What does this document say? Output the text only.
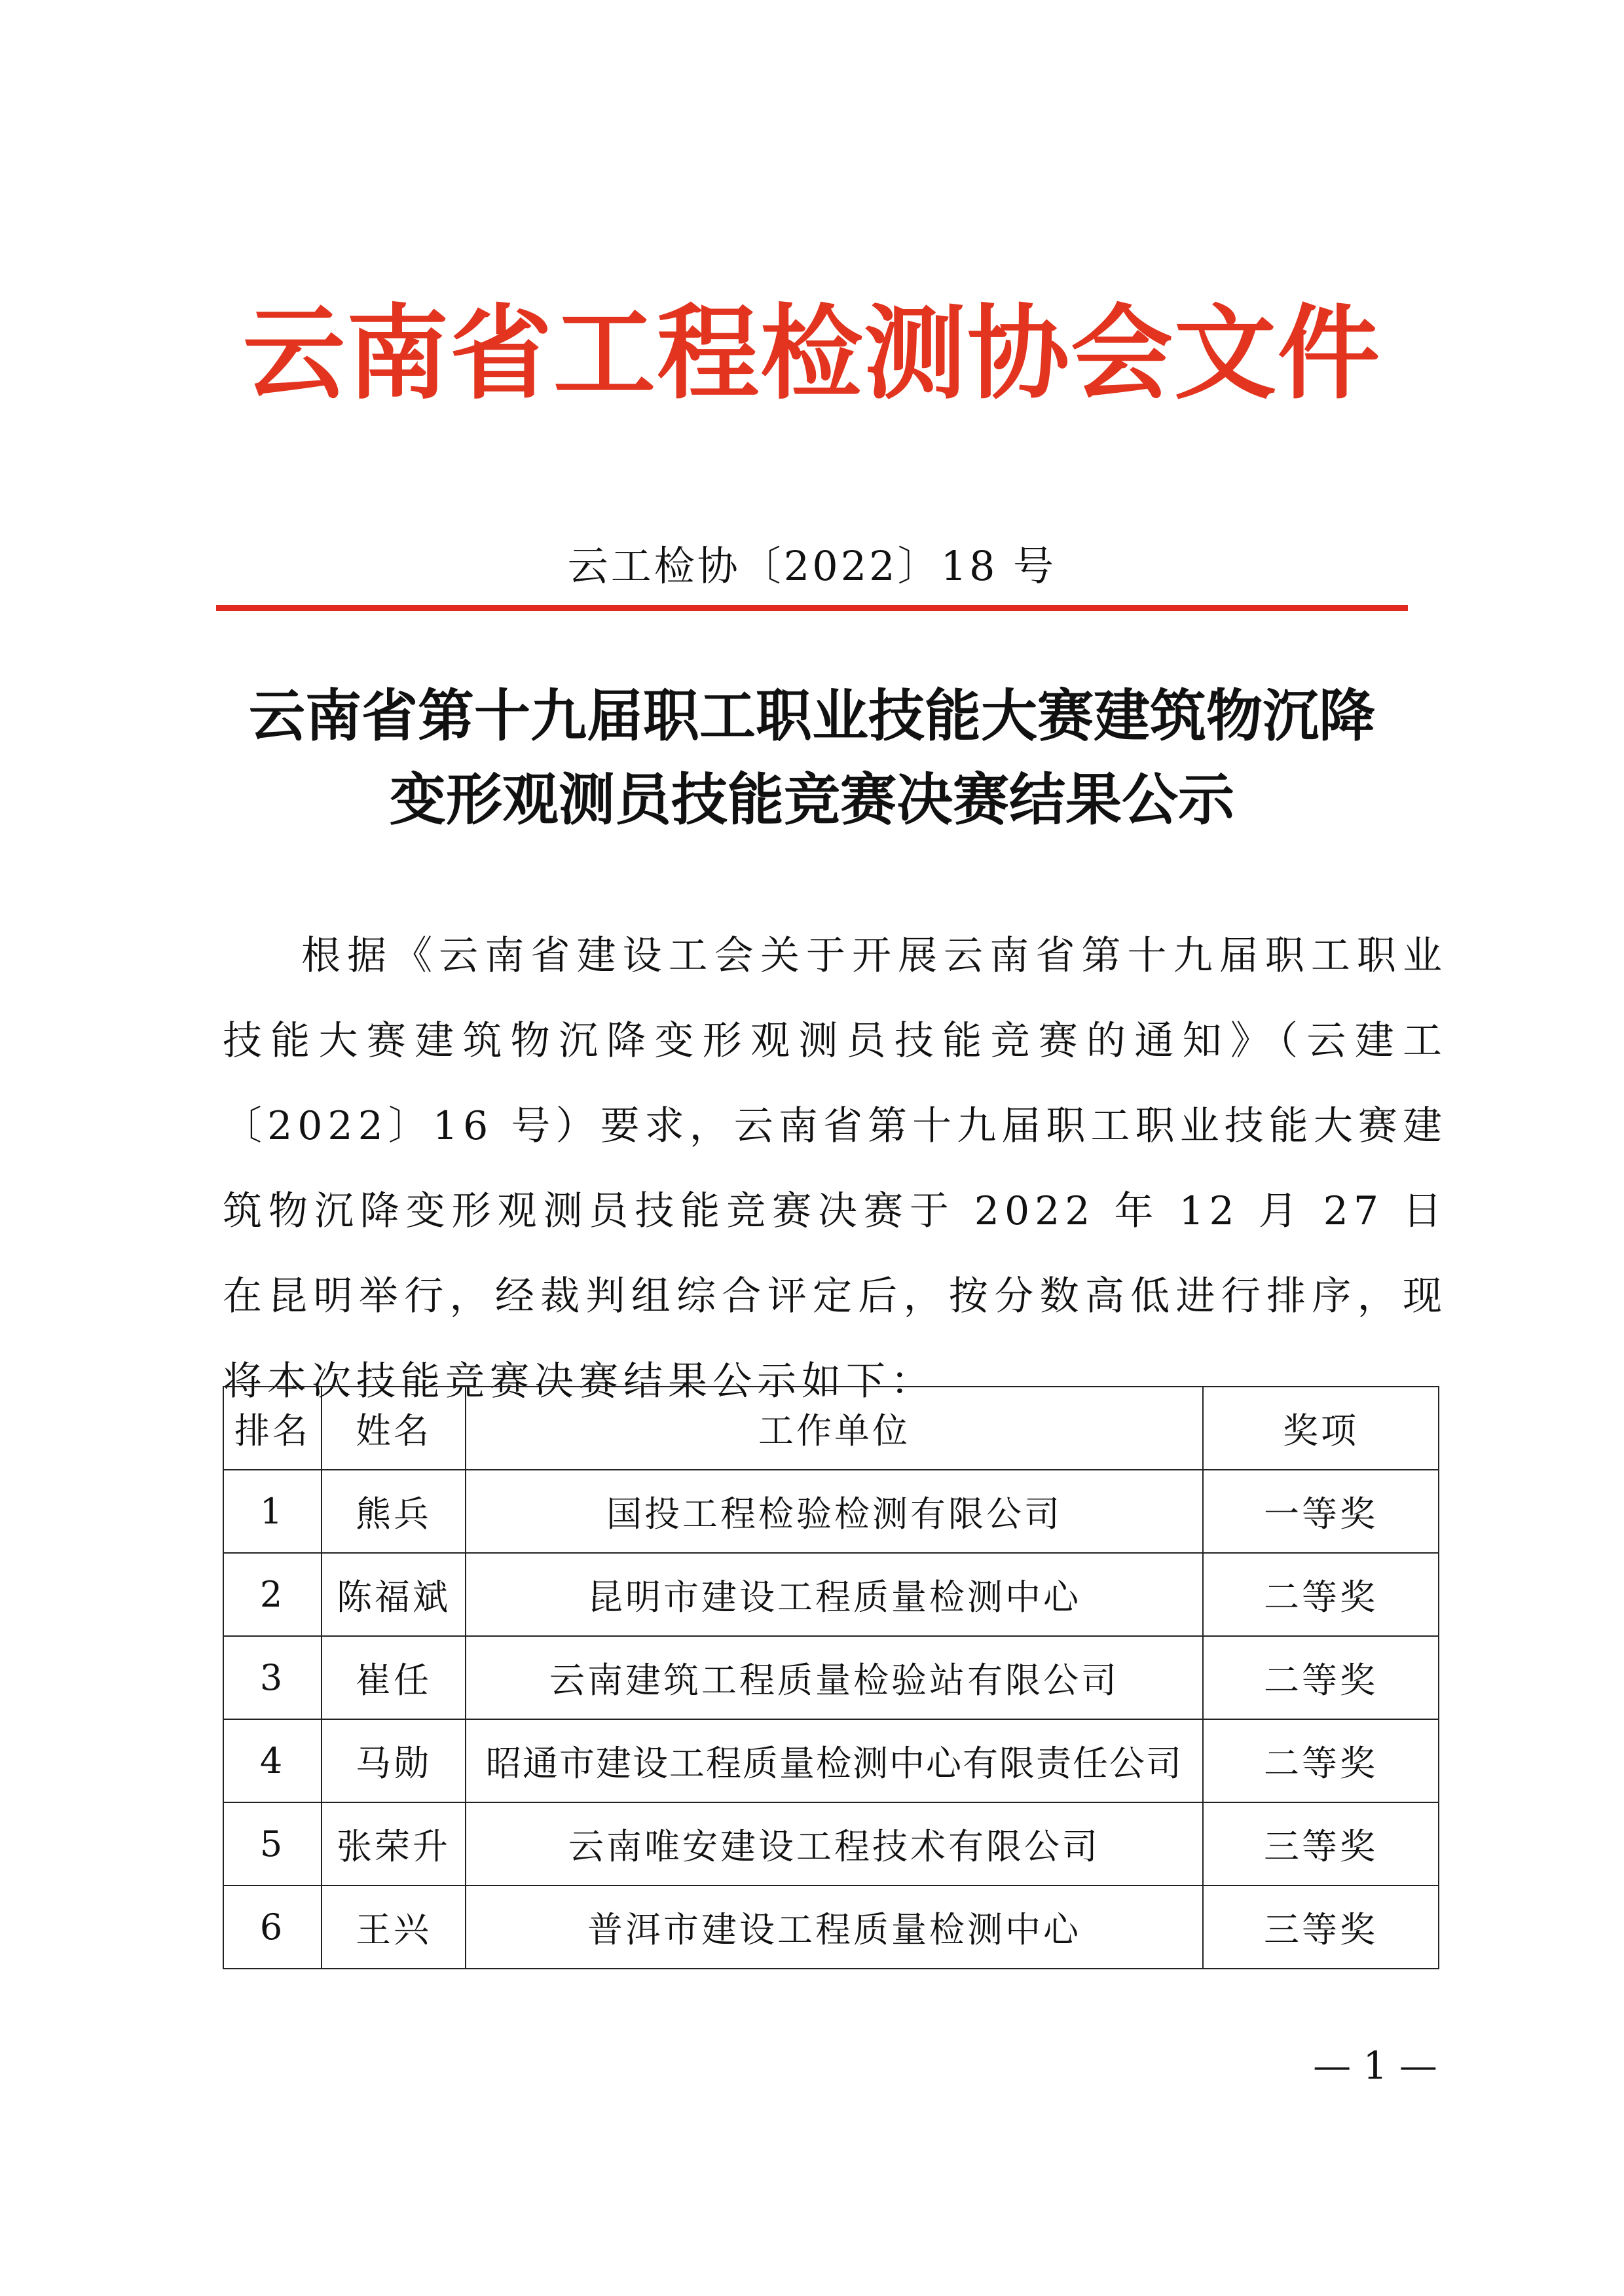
云南省工程检测协会文件
云工检协〔2022〕18 号
云南省第十九届职工职业技能大赛建筑物沉降
变形观测员技能竞赛决赛结果公示

根据《云南省建设工会关于开展云南省第十九届职工职业技能大赛建筑物沉降变形观测员技能竞赛的通知》（云建工〔2022〕16 号）要求，云南省第十九届职工职业技能大赛建筑物沉降变形观测员技能竞赛决赛于 2022 年 12 月 27 日在昆明举行，经裁判组综合评定后，按分数高低进行排序，现将本次技能竞赛决赛结果公示如下：

排名	姓名	工作单位	奖项
1	熊兵	国投工程检验检测有限公司	一等奖
2	陈福斌	昆明市建设工程质量检测中心	二等奖
3	崔任	云南建筑工程质量检验站有限公司	二等奖
4	马勋	昭通市建设工程质量检测中心有限责任公司	二等奖
5	张荣升	云南唯安建设工程技术有限公司	三等奖
6	王兴	普洱市建设工程质量检测中心	三等奖
— 1 —
